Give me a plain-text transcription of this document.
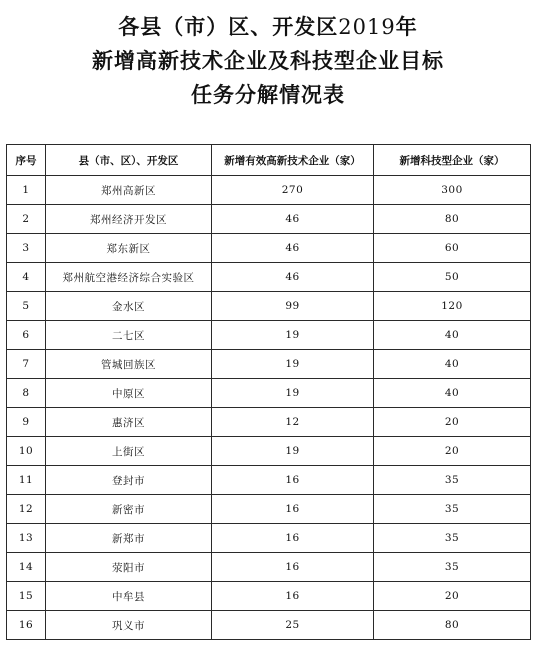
各县（市）区、开发区2019年
新增高新技术企业及科技型企业目标
任务分解情况表
序号	县（市、区）、开发区	新增有效高新技术企业（家）	新增科技型企业（家）
1	郑州高新区	270	300
2	郑州经济开发区	46	80
3	郑东新区	46	60
4	郑州航空港经济综合实验区	46	50
5	金水区	99	120
6	二七区	19	40
7	管城回族区	19	40
8	中原区	19	40
9	惠济区	12	20
10	上街区	19	20
11	登封市	16	35
12	新密市	16	35
13	新郑市	16	35
14	荥阳市	16	35
15	中牟县	16	20
16	巩义市	25	80
